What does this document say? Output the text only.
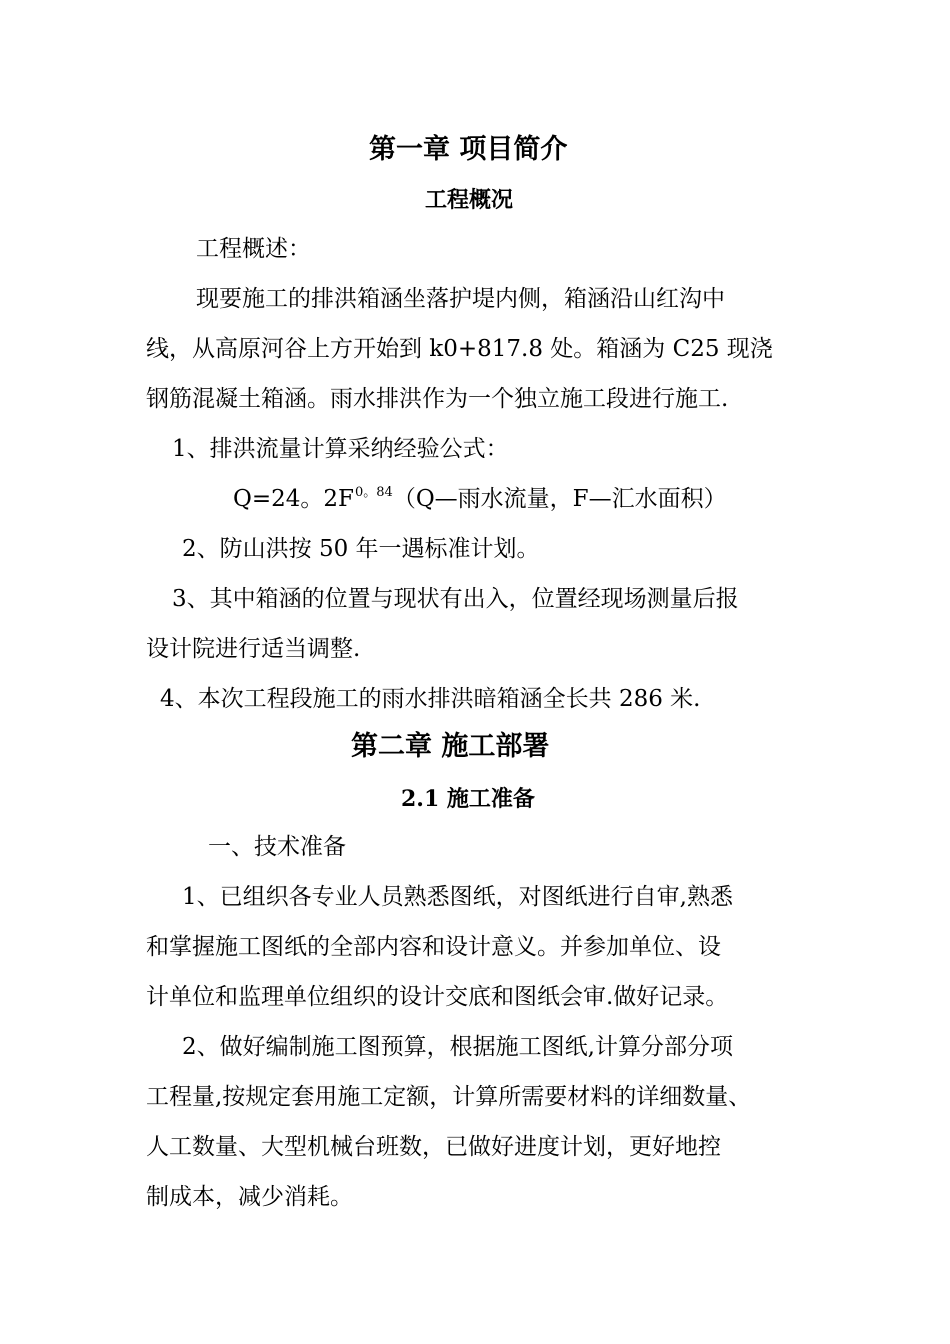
第一章 项目简介
工程概况
工程概述：
现要施工的排洪箱涵坐落护堤内侧，箱涵沿山红沟中
线，从高原河谷上方开始到 k0+817.8 处。箱涵为 C25 现浇
钢筋混凝土箱涵。雨水排洪作为一个独立施工段进行施工.
1、排洪流量计算采纳经验公式：
Q=24。$2F^{0。84}(Q—$雨水流量，F—汇水面积）
2、防山洪按 50 年一遇标准计划。
3、其中箱涵的位置与现状有出入，位置经现场测量后报
设计院进行适当调整.
4、本次工程段施工的雨水排洪暗箱涵全长共 286 米.
第二章 施工部署
2.1 施工准备
一、技术准备
1、已组织各专业人员熟悉图纸，对图纸进行自审,熟悉
和掌握施工图纸的全部内容和设计意义。并参加单位、设
计单位和监理单位组织的设计交底和图纸会审.做好记录。
2、做好编制施工图预算，根据施工图纸,计算分部分项
工程量,按规定套用施工定额，计算所需要材料的详细数量、
人工数量、大型机械台班数，已做好进度计划，更好地控
制成本，减少消耗。
